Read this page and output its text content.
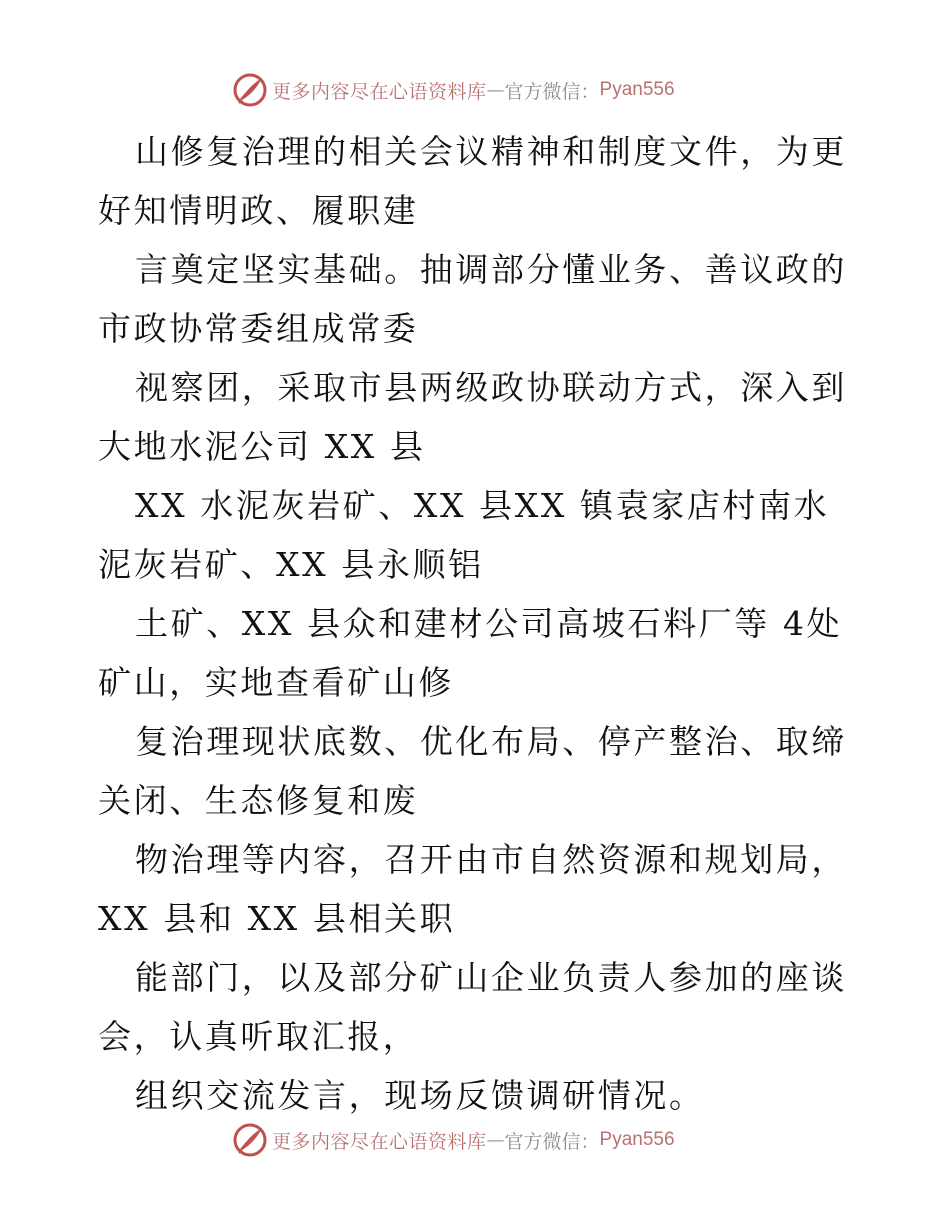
更多内容尽在心语资料库 — 官方微信： Pyan556

山修复治理的相关会议精神和制度文件，为更好知情明政、履职建

言奠定坚实基础。抽调部分懂业务、善议政的市政协常委组成常委

视察团，采取市县两级政协联动方式，深入到大地水泥公司 XX 县

XX 水泥灰岩矿、XX 县XX 镇袁家店村南水泥灰岩矿、XX 县永顺铝

土矿、XX 县众和建材公司高坡石料厂等 4处矿山，实地查看矿山修

复治理现状底数、优化布局、停产整治、取缔关闭、生态修复和废

物治理等内容，召开由市自然资源和规划局，XX 县和 XX 县相关职

能部门，以及部分矿山企业负责人参加的座谈会，认真听取汇报，

组织交流发言，现场反馈调研情况。

更多内容尽在心语资料库 — 官方微信： Pyan556
